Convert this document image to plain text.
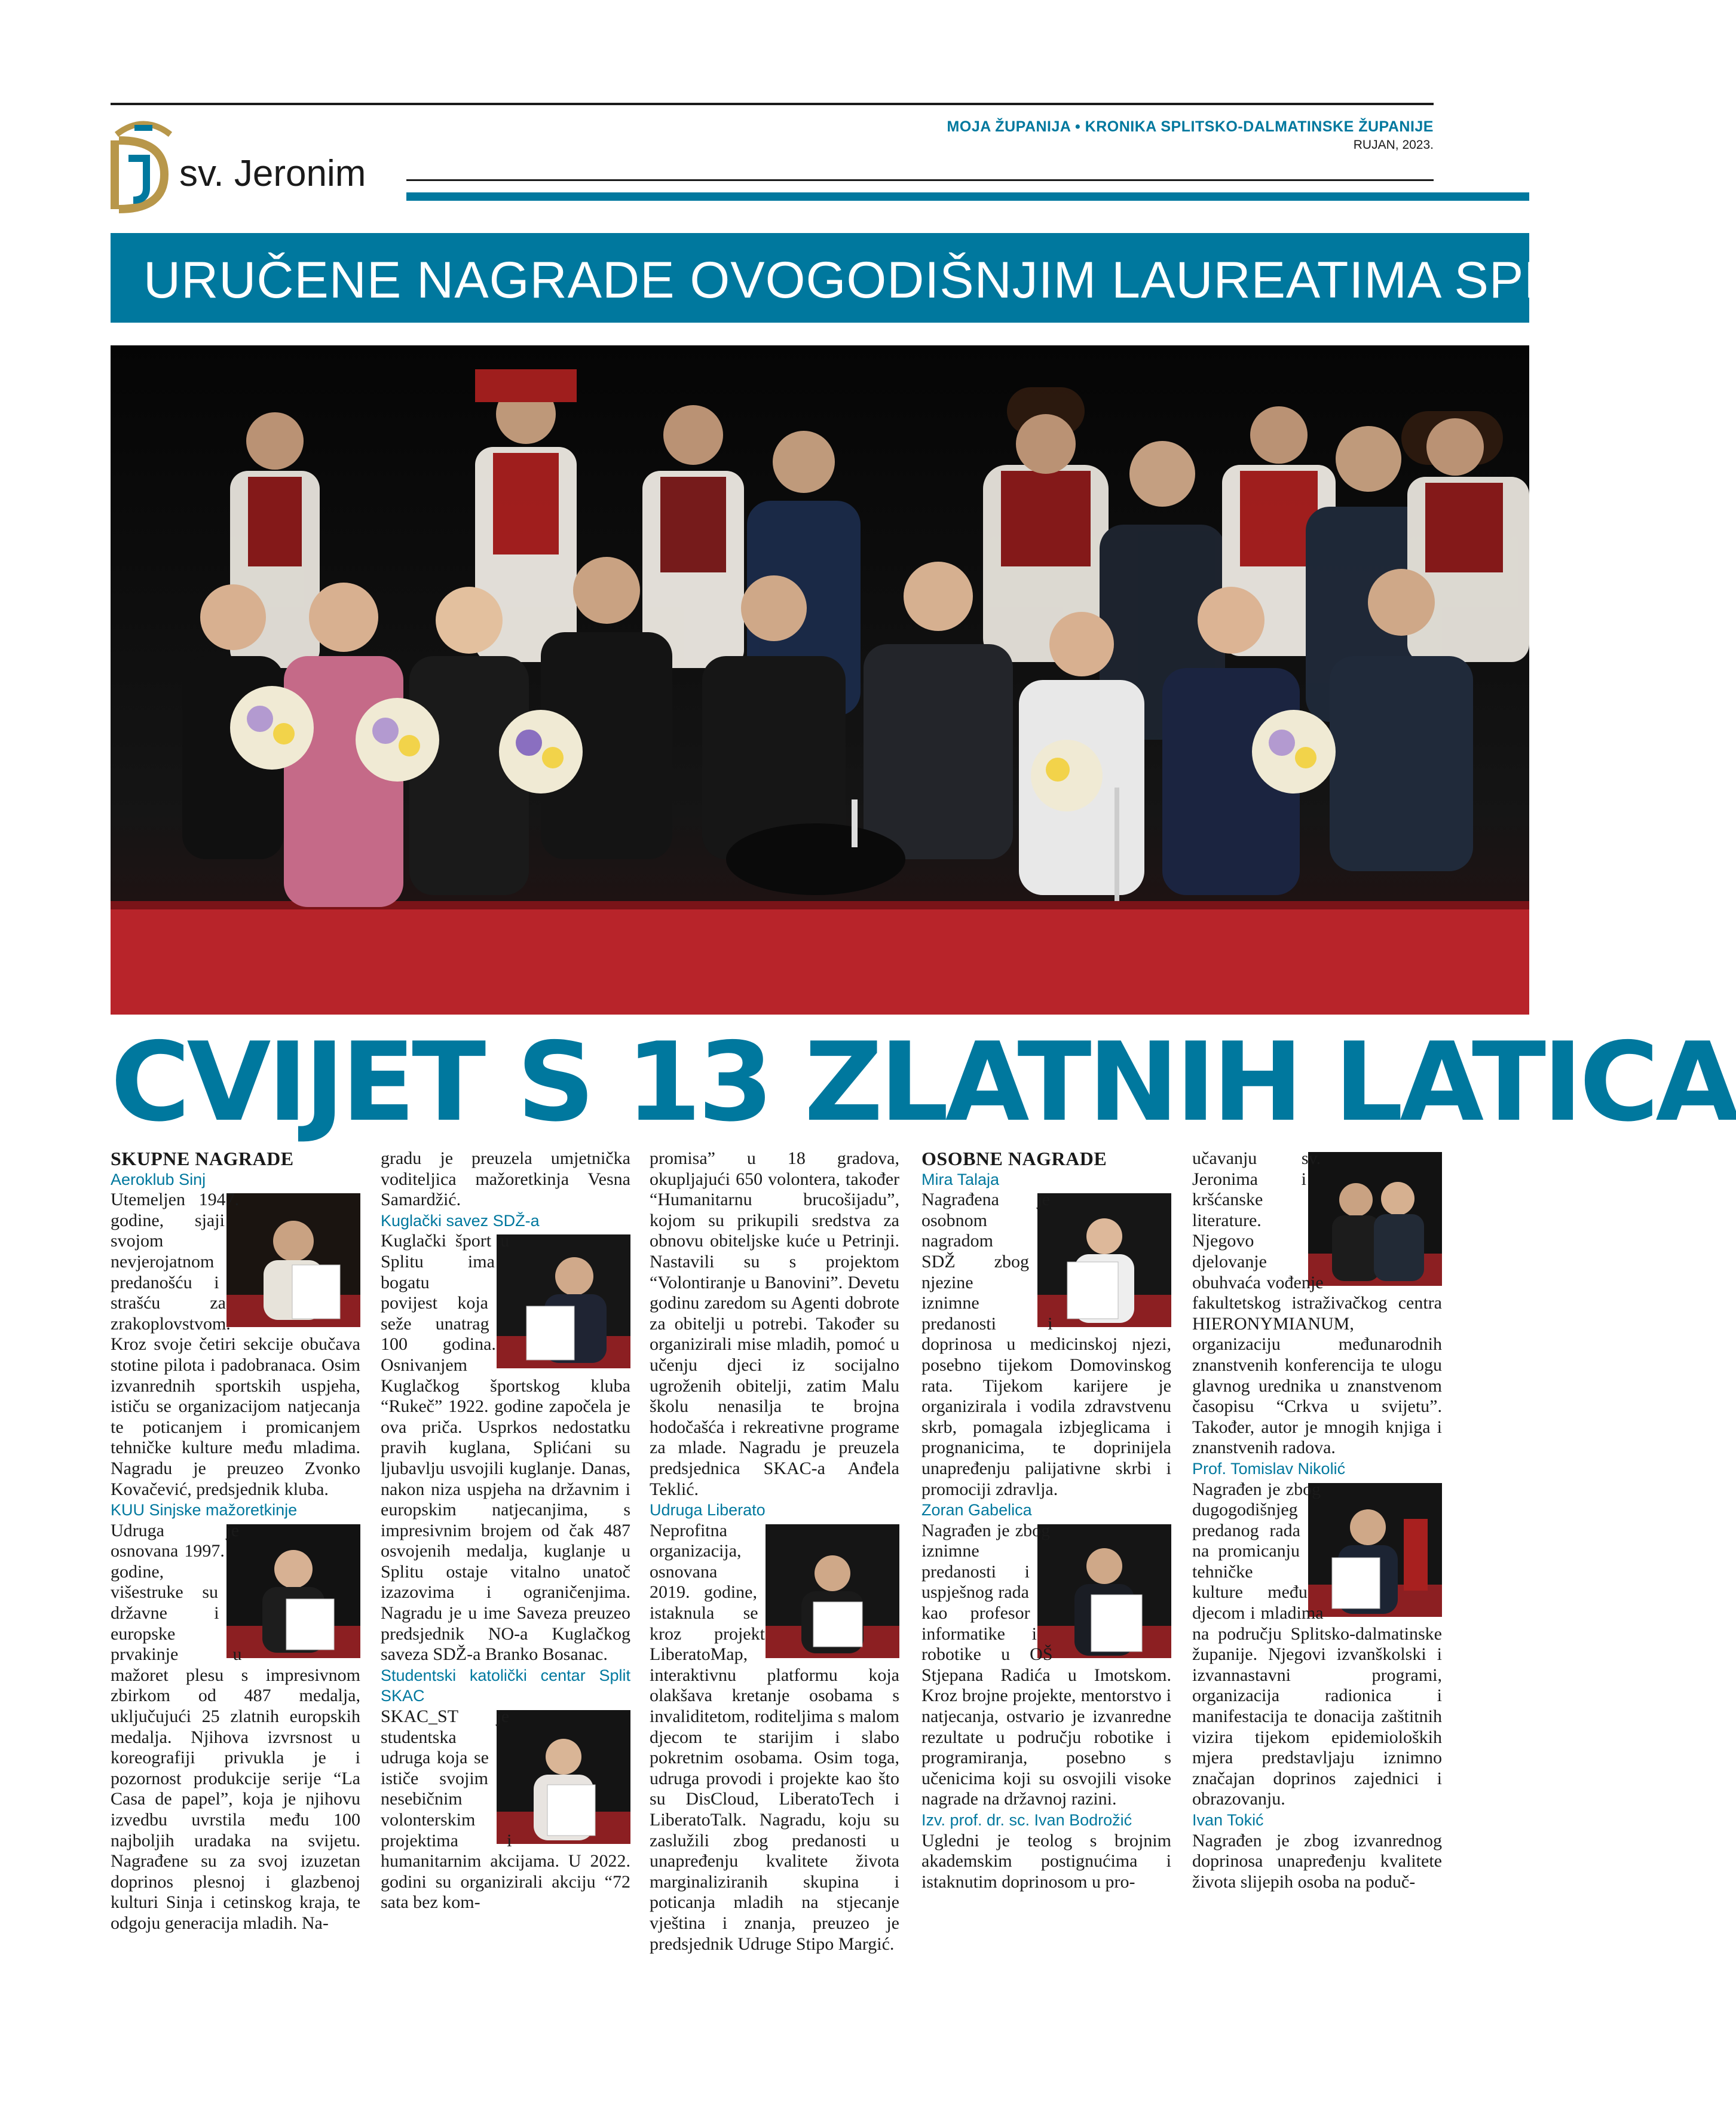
sv. Jeronim
MOJA ŽUPANIJA • KRONIKA SPLITSKO-DALMATINSKE ŽUPANIJE
RUJAN, 2023.
URUČENE NAGRADE OVOGODIŠNJIM LAUREATIMA SPLITSKO-
CVIJET S 13 ZLATNIH LATICA

SKUPNE NAGRADE

Aeroklub Sinj

Utemeljen 1947. godine, sjaji svojom nevjerojatnom predanošću i strašću za zrakoplovstvom. Kroz svoje četiri sekcije obučava stotine pilota i padobranaca. Osim izvanrednih sportskih uspjeha, ističu se organizacijom natjecanja te poticanjem i promicanjem tehničke kulture među mladima. Nagradu je preuzeo Zvonko Kovačević, predsjednik kluba.

KUU Sinjske mažoretkinje

Udruga je osnovana 1997. godine, višestruke su državne i europske prvakinje u mažoret plesu s impresivnom zbirkom od 487 medalja, uključujući 25 zlatnih europskih medalja. Njihova izvrsnost u koreografiji privukla je i pozornost produkcije serije “La Casa de papel”, koja je njihovu izvedbu uvrstila među 100 najboljih uradaka na svijetu. Nagrađene su za svoj izuzetan doprinos plesnoj i glazbenoj kulturi Sinja i cetinskog kraja, te odgoju generacija mladih. Na-

gradu je preuzela umjetnička voditeljica mažoretkinja Vesna Samardžić.

Kuglački savez SDŽ-a

Kuglački šport u Splitu ima bogatu povijest koja seže unatrag 100 godina. Osnivanjem Kuglačkog športskog kluba “Rukeč” 1922. godine započela je ova priča. Usprkos nedostatku pravih kuglana, Splićani su ljubavlju usvojili kuglanje. Danas, nakon niza uspjeha na državnim i europskim natjecanjima, s impresivnim brojem od čak 487 osvojenih medalja, kuglanje u Splitu ostaje vitalno unatoč izazovima i ograničenjima. Nagradu je u ime Saveza preuzeo predsjednik NO-a Kuglačkog saveza SDŽ-a Branko Bosanac.

Studentski katolički centar Split SKAC

SKAC_ST je studentska udruga koja se ističe svojim nesebičnim volonterskim projektima i humanitarnim akcijama. U 2022. godini su organizirali akciju “72 sata bez kom-

promisa” u 18 gradova, okupljajući 650 volontera, također “Humanitarnu brucošijadu”, kojom su prikupili sredstva za obnovu obiteljske kuće u Petrinji. Nastavili su s projektom “Volontiranje u Banovini”. Devetu godinu zaredom su Agenti dobrote za obitelji u potrebi. Također su organizirali mise mladih, pomoć u učenju djeci iz socijalno ugroženih obitelji, zatim Malu školu nenasilja te brojna hodočašća i rekreativne programe za mlade. Nagradu je preuzela predsjednica SKAC-a Anđela Teklić.

Udruga Liberato

Neprofitna organizacija, osnovana 2019. godine, istaknula se kroz projekt LiberatoMap, interaktivnu platformu koja olakšava kretanje osobama s invaliditetom, roditeljima s malom djecom te starijim i slabo pokretnim osobama. Osim toga, udruga provodi i projekte kao što su DisCloud, LiberatoTech i LiberatoTalk. Nagradu, koju su zaslužili zbog predanosti u unapređenju kvalitete života marginaliziranih skupina i poticanja mladih na stjecanje vještina i znanja, preuzeo je predsjednik Udruge Stipo Margić.

OSOBNE NAGRADE

Mira Talaja

Nagrađena je osobnom nagradom SDŽ zbog njezine iznimne predanosti i doprinosa u medicinskoj njezi, posebno tijekom Domovinskog rata. Tijekom karijere je organizirala i vodila zdravstvenu skrb, pomagala izbjeglicama i prognanicima, te doprinijela unapređenju palijativne skrbi i promociji zdravlja.

Zoran Gabelica

Nagrađen je zbog iznimne predanosti i uspješnog rada kao profesor informatike i robotike u OŠ Stjepana Radića u Imotskom. Kroz brojne projekte, mentorstvo i natjecanja, ostvario je izvanredne rezultate u području robotike i programiranja, posebno s učenicima koji su osvojili visoke nagrade na državnoj razini.

Izv. prof. dr. sc. Ivan Bodrožić

Ugledni je teolog s brojnim akademskim postignućima i istaknutim doprinosom u pro-

učavanju sv. Jeronima i kršćanske literature. Njegovo djelovanje obuhvaća vođenje fakultetskog istraživačkog centra HIERONYMIANUM, organizaciju međunarodnih znanstvenih konferencija te ulogu glavnog urednika u znanstvenom časopisu “Crkva u svijetu”. Također, autor je mnogih knjiga i znanstvenih radova.

Prof. Tomislav Nikolić

Nagrađen je zbog dugogodišnjeg predanog rada na promicanju tehničke kulture među djecom i mladima na području Splitsko-dalmatinske županije. Njegovi izvanškolski i izvannastavni programi, organizacija radionica i manifestacija te donacija zaštitnih vizira tijekom epidemioloških mjera predstavljaju iznimno značajan doprinos zajednici i obrazovanju.

Ivan Tokić

Nagrađen je zbog izvanrednog doprinosa unapređenju kvalitete života slijepih osoba na poduč-
